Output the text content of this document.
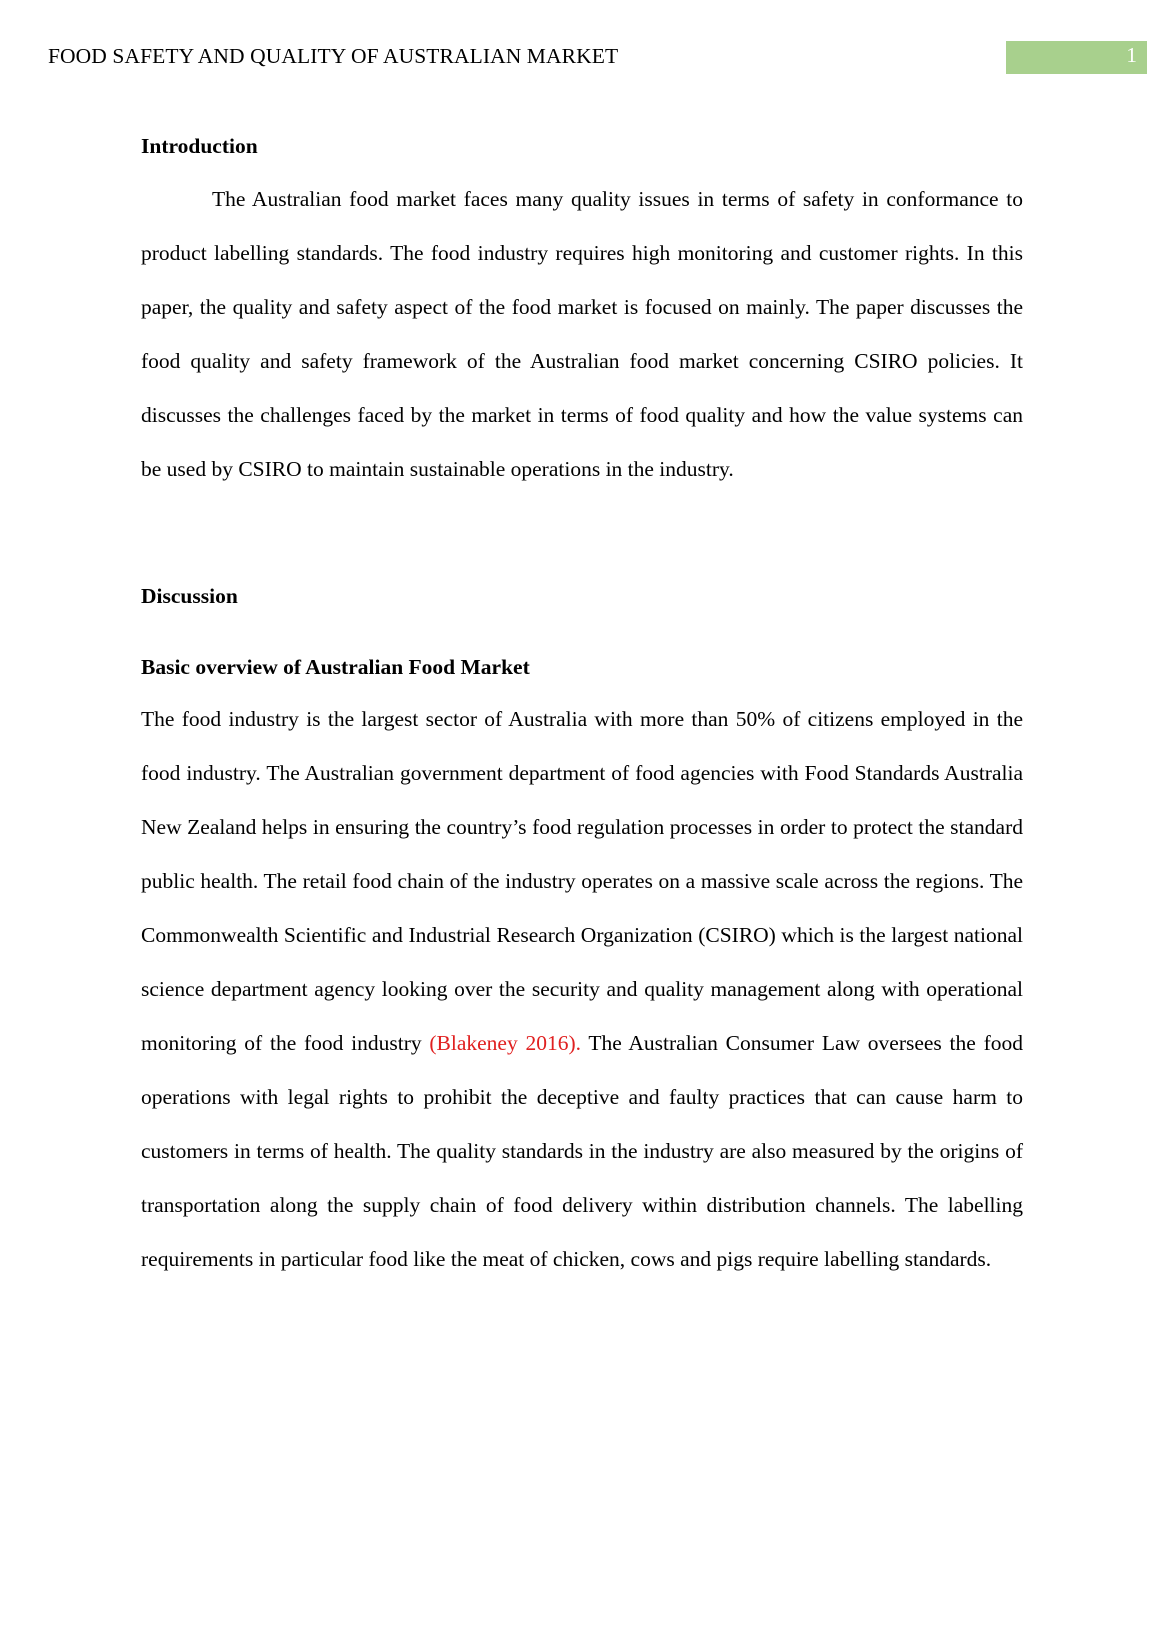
FOOD SAFETY AND QUALITY OF AUSTRALIAN MARKET	1
Introduction

The Australian food market faces many quality issues in terms of safety in conformance to product labelling standards. The food industry requires high monitoring and customer rights. In this paper, the quality and safety aspect of the food market is focused on mainly. The paper discusses the food quality and safety framework of the Australian food market concerning CSIRO policies. It discusses the challenges faced by the market in terms of food quality and how the value systems can be used by CSIRO to maintain sustainable operations in the industry.

Discussion
Basic overview of Australian Food Market

The food industry is the largest sector of Australia with more than 50% of citizens employed in the food industry. The Australian government department of food agencies with Food Standards Australia New Zealand helps in ensuring the country’s food regulation processes in order to protect the standard public health. The retail food chain of the industry operates on a massive scale across the regions. The Commonwealth Scientific and Industrial Research Organization (CSIRO) which is the largest national science department agency looking over the security and quality management along with operational monitoring of the food industry (Blakeney 2016). The Australian Consumer Law oversees the food operations with legal rights to prohibit the deceptive and faulty practices that can cause harm to customers in terms of health. The quality standards in the industry are also measured by the origins of transportation along the supply chain of food delivery within distribution channels. The labelling requirements in particular food like the meat of chicken, cows and pigs require labelling standards.
